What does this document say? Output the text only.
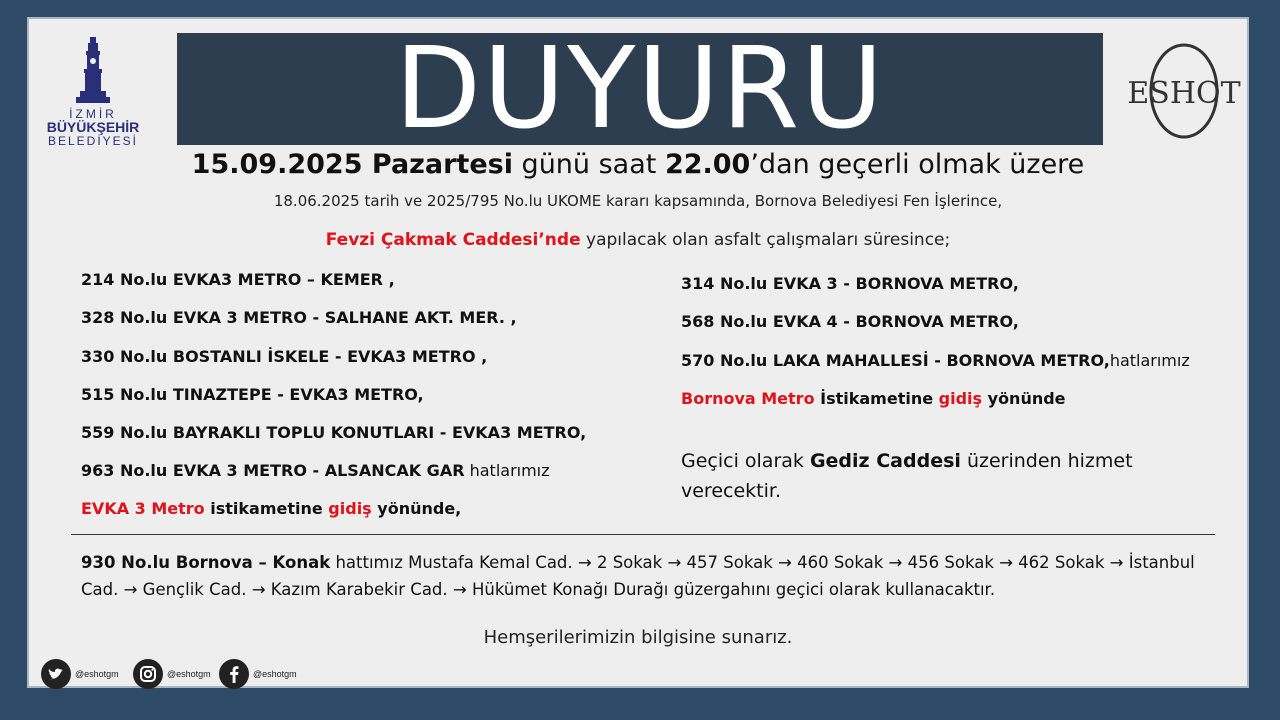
İZMİR
BÜYÜKŞEHİR
BELEDİYESİ	DUYURU	ESHOT
15.09.2025 Pazartesi günü saat 22.00’dan geçerli olmak üzere
18.06.2025 tarih ve 2025/795 No.lu UKOME kararı kapsamında, Bornova Belediyesi Fen İşlerince,
Fevzi Çakmak Caddesi’nde yapılacak olan asfalt çalışmaları süresince;
214 No.lu EVKA3 METRO – KEMER ,
328 No.lu EVKA 3 METRO - SALHANE AKT. MER. ,
330 No.lu BOSTANLI İSKELE - EVKA3 METRO ,
515 No.lu TINAZTEPE - EVKA3 METRO,
559 No.lu BAYRAKLI TOPLU KONUTLARI - EVKA3 METRO,
963 No.lu EVKA 3 METRO - ALSANCAK GAR hatlarımız
EVKA 3 Metro istikametine gidiş yönünde,
314 No.lu EVKA 3 - BORNOVA METRO,
568 No.lu EVKA 4 - BORNOVA METRO,
570 No.lu LAKA MAHALLESİ - BORNOVA METRO,hatlarımız
Bornova Metro İstikametine gidiş yönünde
Geçici olarak Gediz Caddesi üzerinden hizmet verecektir.
930 No.lu Bornova – Konak hattımız Mustafa Kemal Cad. → 2 Sokak → 457 Sokak → 460 Sokak → 456 Sokak → 462 Sokak → İstanbul Cad. → Gençlik Cad. → Kazım Karabekir Cad. → Hükümet Konağı Durağı güzergahını geçici olarak kullanacaktır.
Hemşerilerimizin bilgisine sunarız.
@eshotgm	@eshotgm	@eshotgm
